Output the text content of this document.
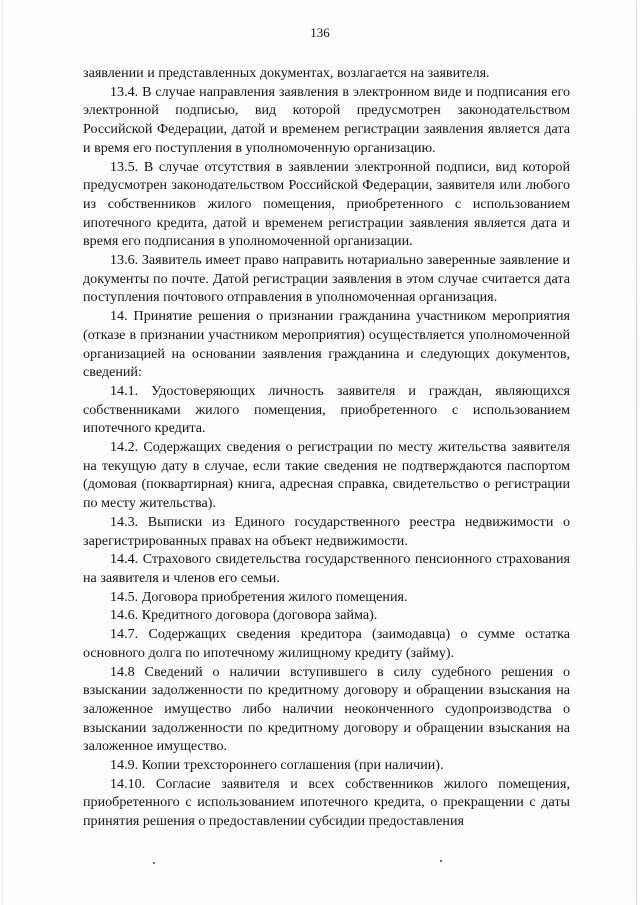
136

заявлении и представленных документах, возлагается на заявителя.

13.4. В случае направления заявления в электронном виде и подписания его электронной подписью, вид которой предусмотрен законодательством Российской Федерации, датой и временем регистрации заявления является дата и время его поступления в уполномоченную организацию.

13.5. В случае отсутствия в заявлении электронной подписи, вид которой предусмотрен законодательством Российской Федерации, заявителя или любого из собственников жилого помещения, приобретенного с использованием ипотечного кредита, датой и временем регистрации заявления является дата и время его подписания в уполномоченной организации.

13.6. Заявитель имеет право направить нотариально заверенные заявление и документы по почте. Датой регистрации заявления в этом случае считается дата поступления почтового отправления в уполномоченная организация.

14. Принятие решения о признании гражданина участником мероприятия (отказе в признании участником мероприятия) осуществляется уполномоченной организацией на основании заявления гражданина и следующих документов, сведений:

14.1. Удостоверяющих личность заявителя и граждан, являющихся собственниками жилого помещения, приобретенного с использованием ипотечного кредита.

14.2. Содержащих сведения о регистрации по месту жительства заявителя на текущую дату в случае, если такие сведения не подтверждаются паспортом (домовая (поквартирная) книга, адресная справка, свидетельство о регистрации по месту жительства).

14.3. Выписки из Единого государственного реестра недвижимости о зарегистрированных правах на объект недвижимости.

14.4. Страхового свидетельства государственного пенсионного страхования на заявителя и членов его семьи.

14.5. Договора приобретения жилого помещения.

14.6. Кредитного договора (договора займа).

14.7. Содержащих сведения кредитора (заимодавца) о сумме остатка основного долга по ипотечному жилищному кредиту (займу).

14.8 Сведений о наличии вступившего в силу судебного решения о взыскании задолженности по кредитному договору и обращении взыскания на заложенное имущество либо наличии неоконченного судопроизводства о взыскании задолженности по кредитному договору и обращении взыскания на заложенное имущество.

14.9. Копии трехстороннего соглашения (при наличии).

14.10. Согласие заявителя и всех собственников жилого помещения, приобретенного с использованием ипотечного кредита, о прекращении с даты принятия решения о предоставлении субсидии предоставления
